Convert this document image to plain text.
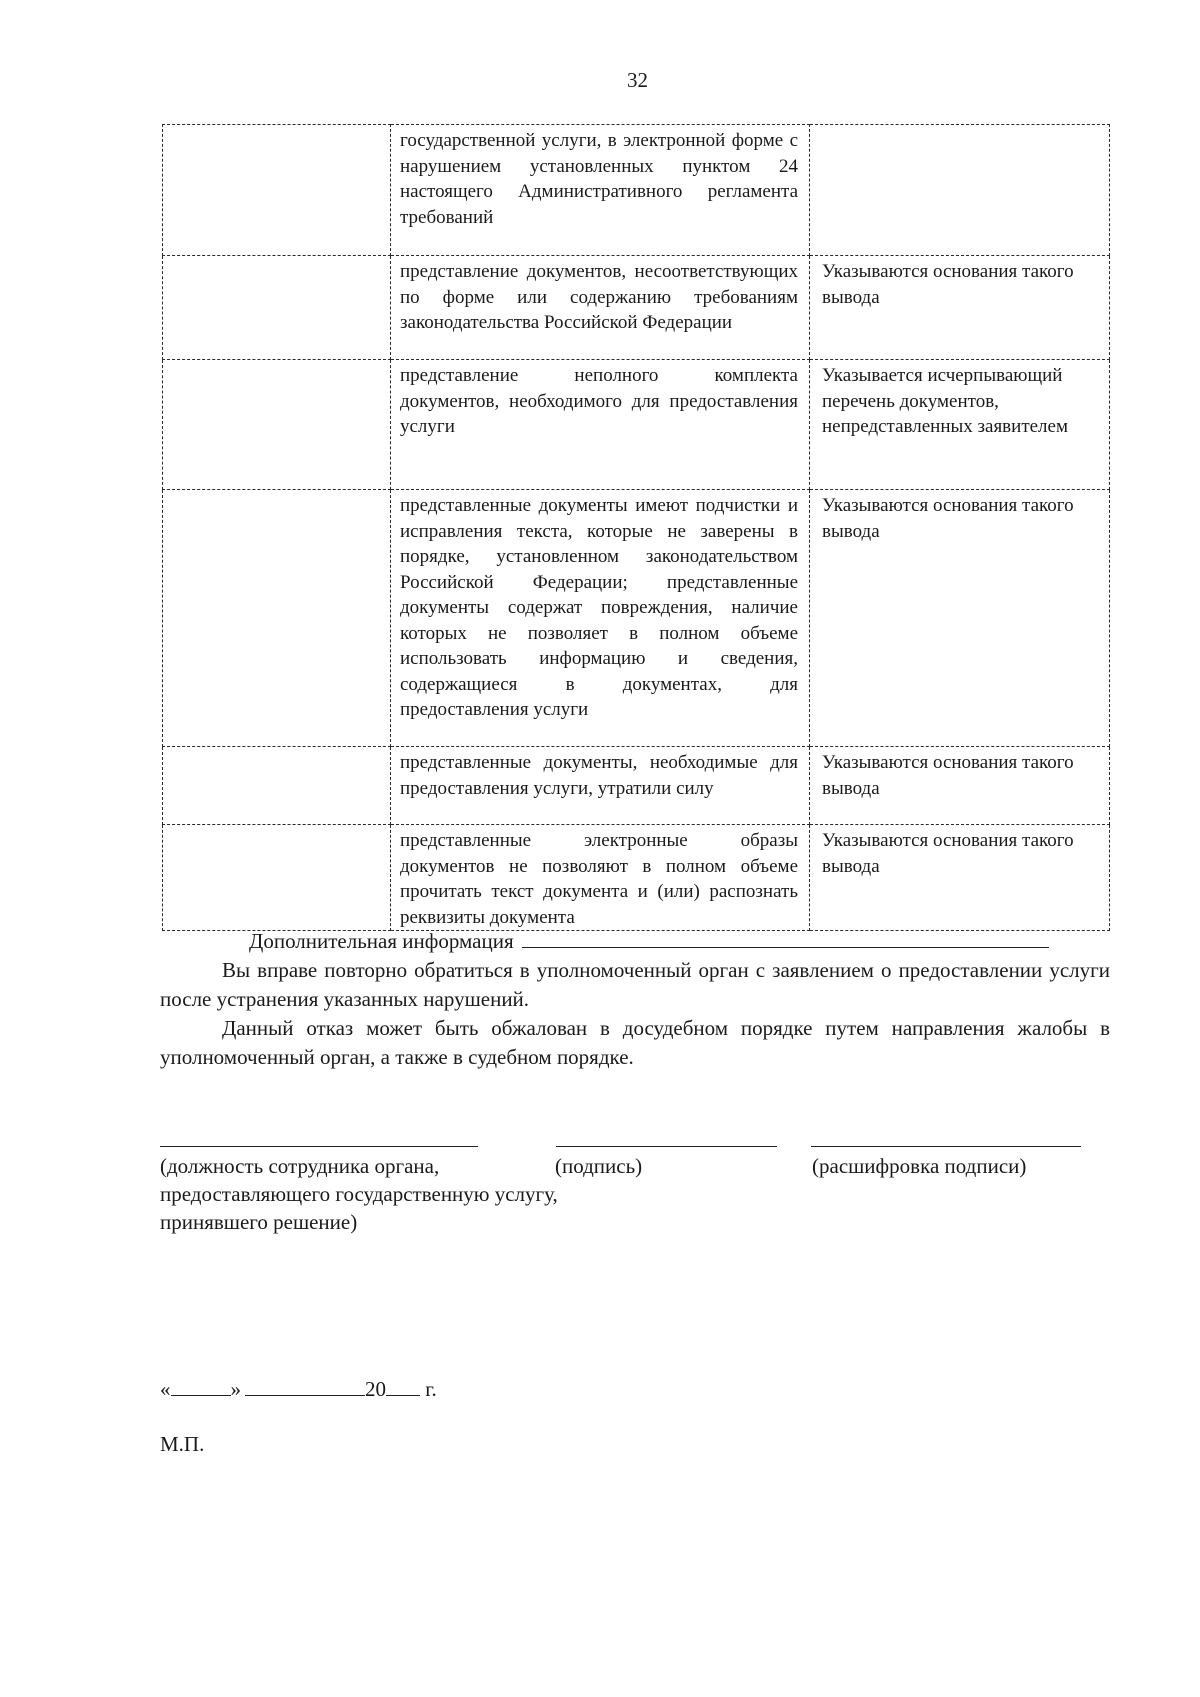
32
	государственной услуги, в электронной форме с нарушением установленных пунктом 24 настоящего Административного регламента требований	
	представление документов, несоответствующих по форме или содержанию требованиям законодательства Российской Федерации	Указываются основания такого вывода
	представление неполного комплекта документов, необходимого для предоставления услуги	Указывается исчерпывающий перечень документов, непредставленных заявителем
	представленные документы имеют подчистки и исправления текста, которые не заверены в порядке, установленном законодательством Российской Федерации; представленные документы содержат повреждения, наличие которых не позволяет в полном объеме использовать информацию и сведения, содержащиеся в документах, для предоставления услуги	Указываются основания такого вывода
	представленные документы, необходимые для предоставления услуги, утратили силу	Указываются основания такого вывода
	представленные электронные образы документов не позволяют в полном объеме прочитать текст документа и (или) распознать реквизиты документа	Указываются основания такого вывода
Дополнительная информация
Вы вправе повторно обратиться в уполномоченный орган с заявлением о предоставлении услуги после устранения указанных нарушений.
Данный отказ может быть обжалован в досудебном порядке путем направления жалобы в уполномоченный орган, а также в судебном порядке.
(должность сотрудника органа, предоставляющего государственную услугу, принявшего решение)
(подпись)	(расшифровка подписи)
«	»	20 г.
М.П.
